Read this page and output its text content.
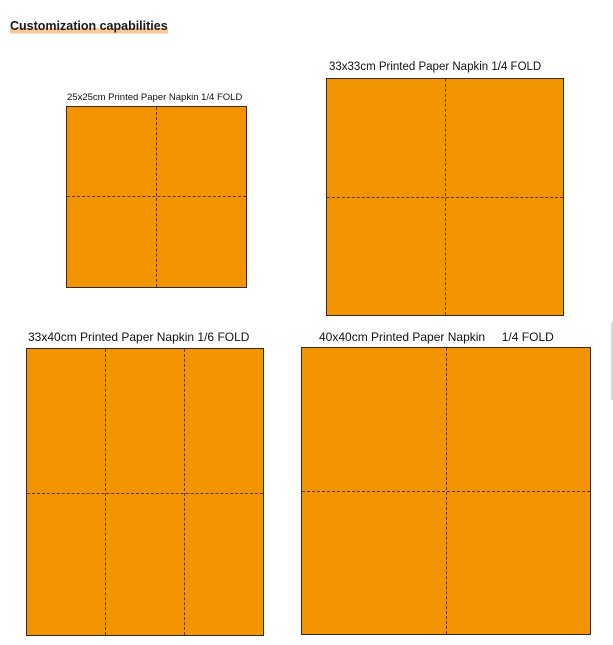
Customization capabilities
25x25cm Printed Paper Napkin 1/4 FOLD
33x33cm Printed Paper Napkin 1/4 FOLD
33x40cm Printed Paper Napkin 1/6 FOLD	40x40cm Printed Paper Napkin     1/4 FOLD
